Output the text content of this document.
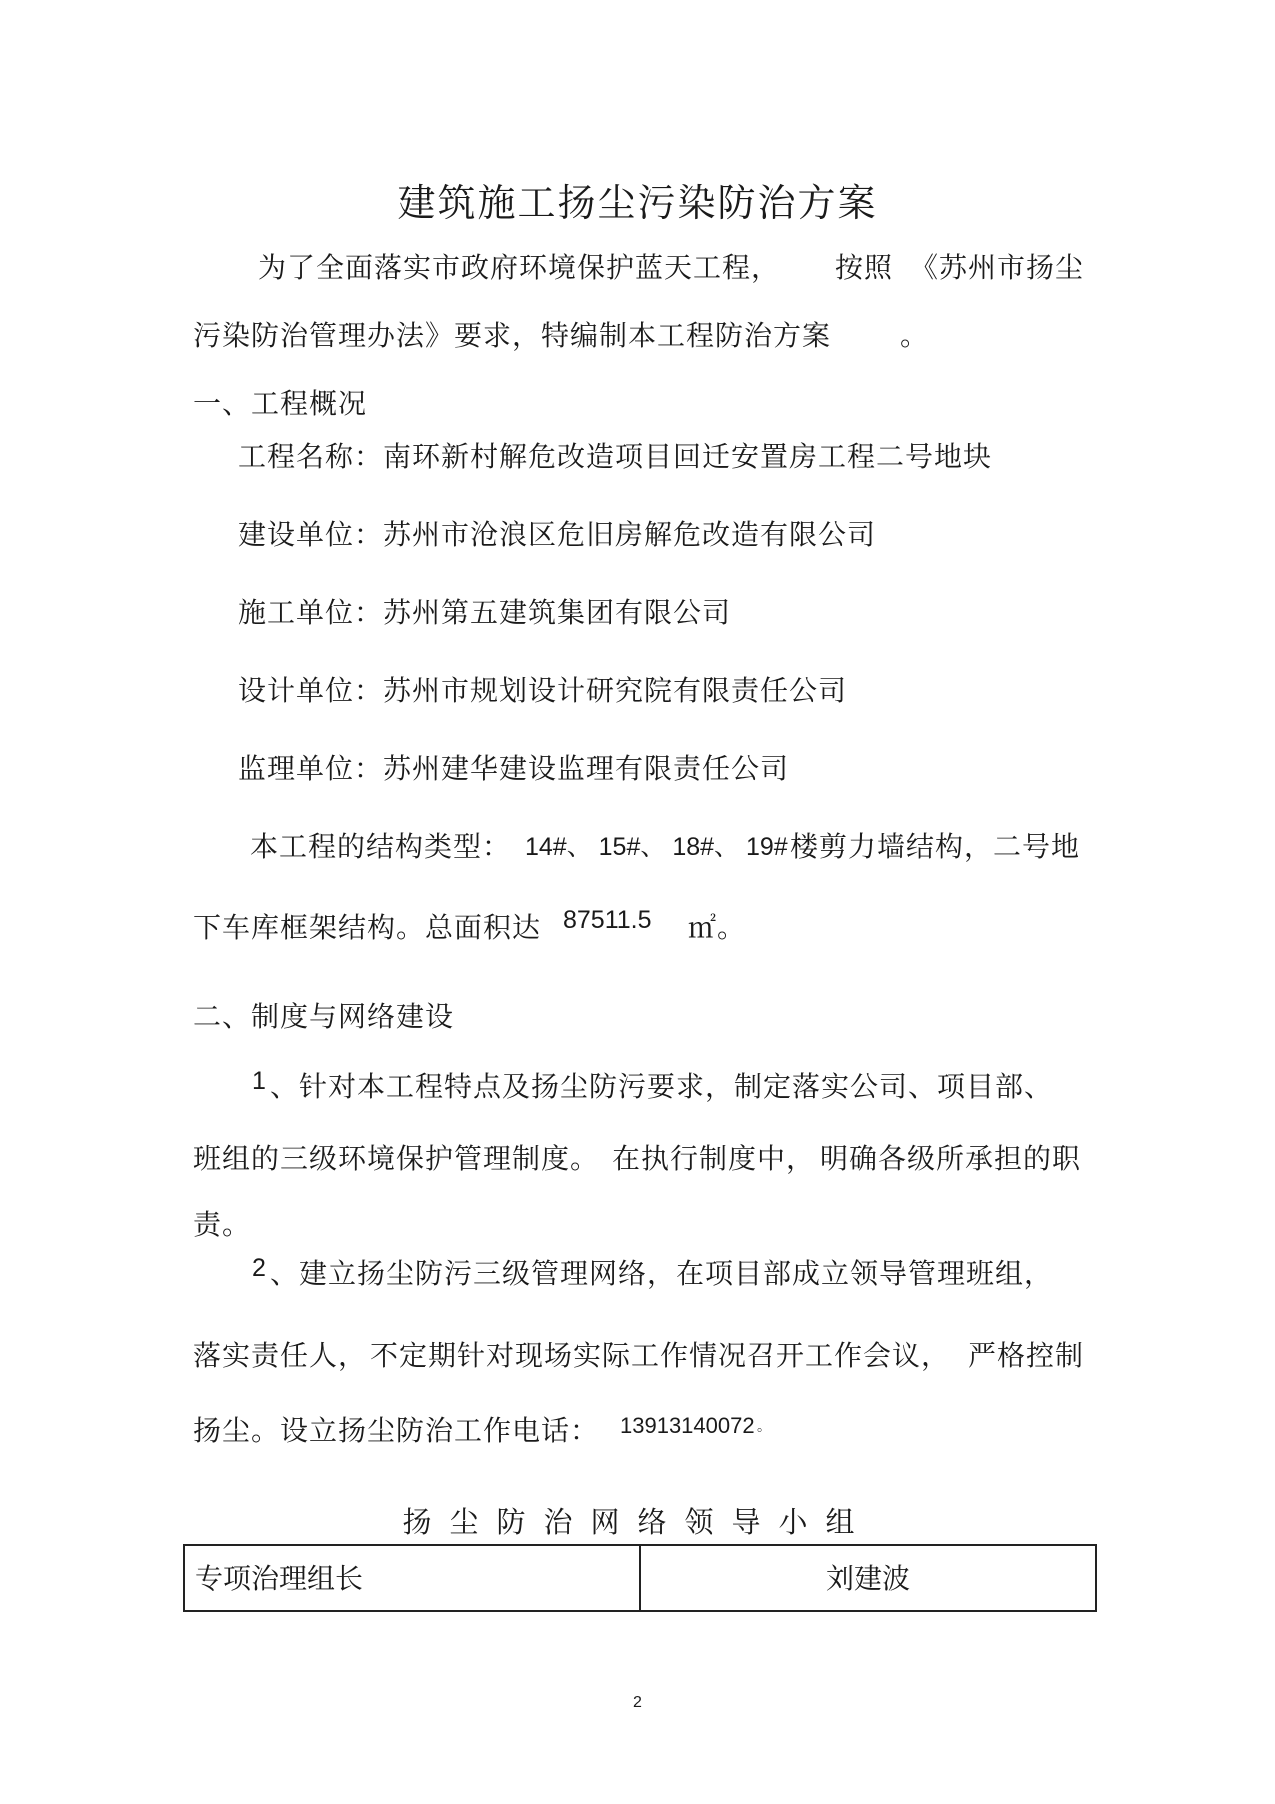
建筑施工扬尘污染防治方案
为了全面落实市政府环境保护蓝天工程， 按照 《苏州市扬尘
污染防治管理办法》要求，特编制本工程防治方案 。
一、工程概况
工程名称：南环新村解危改造项目回迁安置房工程二号地块
建设单位：苏州市沧浪区危旧房解危改造有限公司
施工单位：苏州第五建筑集团有限公司
设计单位：苏州市规划设计研究院有限责任公司
监理单位：苏州建华建设监理有限责任公司
本工程的结构类型： 14#、 15#、 18#、 19# 楼剪力墙结构，二号地
下车库框架结构。总面积达 87511.5 ㎡。
二、制度与网络建设
1 、针对本工程特点及扬尘防污要求，制定落实公司、项目部、
班组的三级环境保护管理制度。 在执行制度中， 明确各级所承担的职
责。
2 、建立扬尘防污三级管理网络，在项目部成立领导管理班组，
落实责任人， 不定期针对现场实际工作情况召开工作会议， 严格控制
扬尘。设立扬尘防治工作电话： 13913140072 。
扬尘防治网络领导小组
专项治理组长	刘建波
2
